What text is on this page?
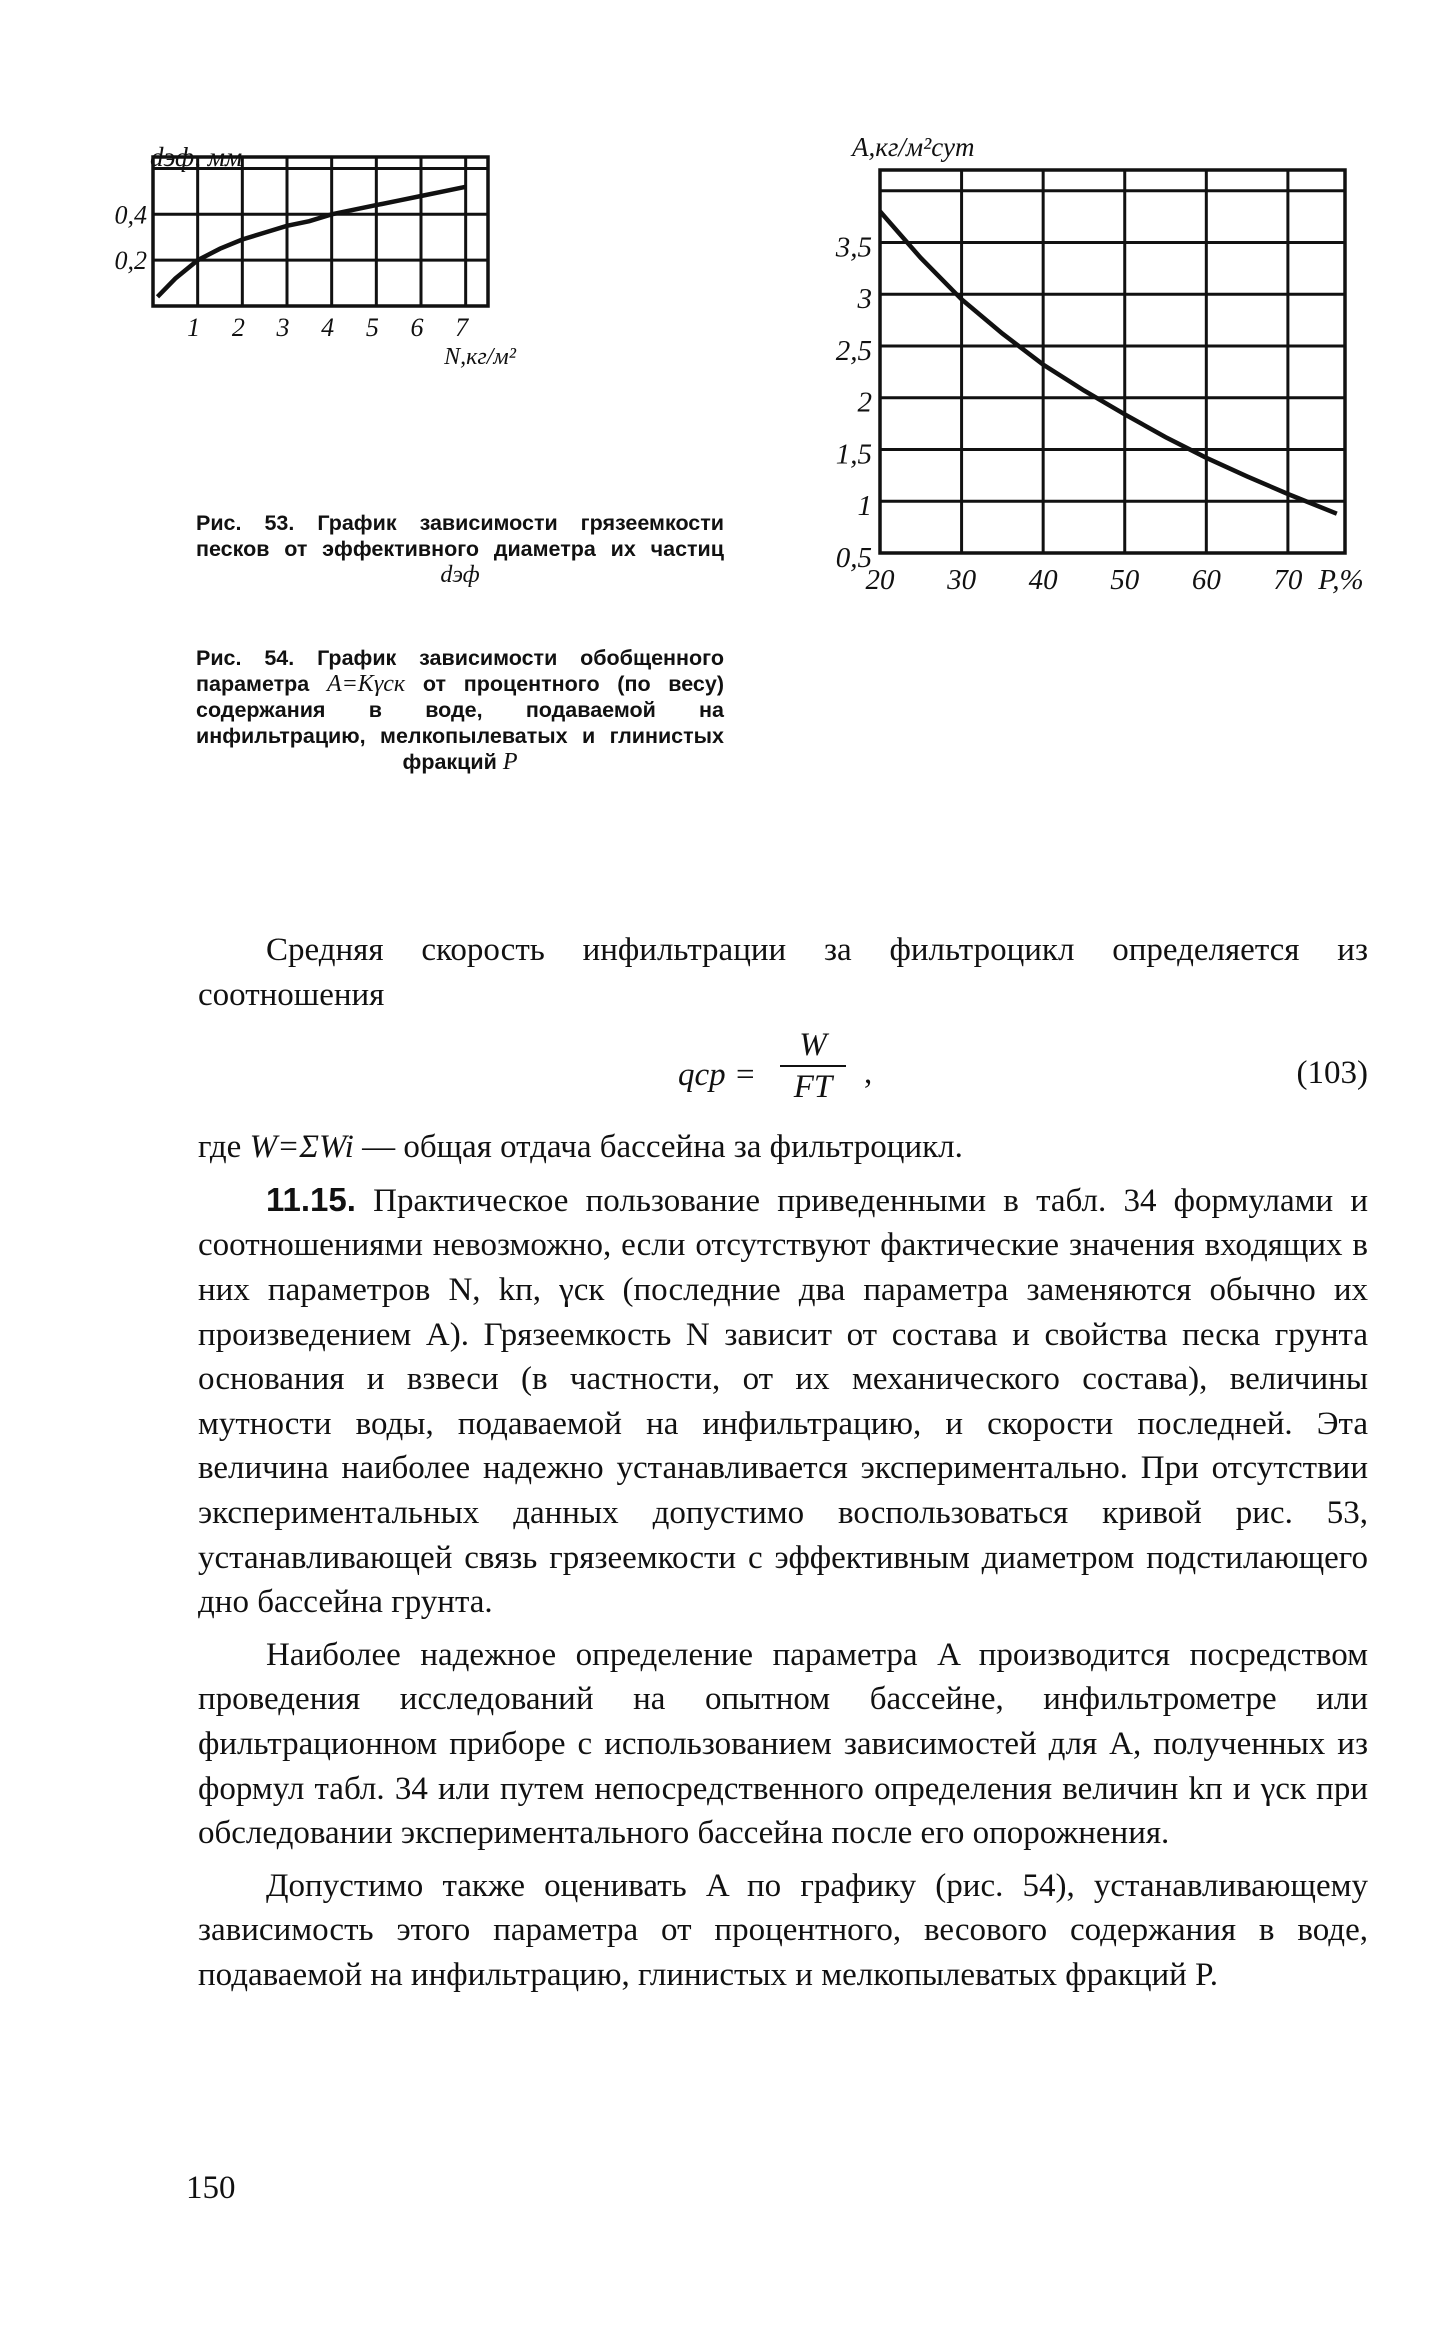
1 2 3 4 5 6 7
0,4
0,2
dэф, мм
N,кг/м²
20 30 40 50 60 70
3,5
3
2,5
2
1,5
1
0,5
A,кг/м²сут
P,%
Рис. 53. График зависимости грязеемкости песков от эффективного диаметра их частиц dэф
Рис. 54. График зависимости обобщенного параметра A=Kγск от процентного (по весу) содержания в воде, подаваемой на инфильтрацию, мелкопылеватых и глинистых фракций P

Средняя скорость инфильтрации за фильтроцикл определяется из соотношения

qср =
W
FT ,	(103)

где W=ΣWi — общая отдача бассейна за фильтроцикл.

11.15. Практическое пользование приведенными в табл. 34 формулами и соотношениями невозможно, если отсутствуют фактические значения входящих в них параметров N, kп, γск (последние два параметра заменяются обычно их произведением A). Грязеемкость N зависит от состава и свойства песка грунта основания и взвеси (в частности, от их механического состава), величины мутности воды, подаваемой на инфильтрацию, и скорости последней. Эта величина наиболее надежно устанавливается экспериментально. При отсутствии экспериментальных данных допустимо воспользоваться кривой рис. 53, устанавливающей связь грязеемкости с эффективным диаметром подстилающего дно бассейна грунта.

Наиболее надежное определение параметра A производится посредством проведения исследований на опытном бассейне, инфильтрометре или фильтрационном приборе с использованием зависимостей для A, полученных из формул табл. 34 или путем непосредственного определения величин kп и γск при обследовании экспериментального бассейна после его опорожнения.

Допустимо также оценивать A по графику (рис. 54), устанавливающему зависимость этого параметра от процентного, весового содержания в воде, подаваемой на инфильтрацию, глинистых и мелкопылеватых фракций P.

150
